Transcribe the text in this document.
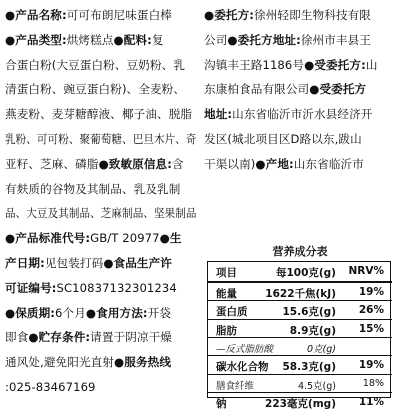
●产品名称:可可布朗尼味蛋白棒
●产品类型:烘烤糕点●配料:复
合蛋白粉(大豆蛋白粉、豆奶粉、乳
清蛋白粉、豌豆蛋白粉)、全麦粉、
燕麦粉、麦芽糖醇液、椰子油、脱脂
乳粉、可可粉、聚葡萄糖、巴旦木片、奇
亚籽、芝麻、磷脂●致敏原信息:含
有麸质的谷物及其制品、乳及乳制
品、大豆及其制品、芝麻制品、坚果制品
●产品标准代号:GB/T 20977●生
产日期:见包装打码●食品生产许
可证编号:SC10837132301234
●保质期:6个月●食用方法:开袋
即食●贮存条件:请置于阴凉干燥
通风处,避免阳光直射●服务热线
:025-83467169
●委托方:徐州轻即生物科技有限
公司●委托方地址:徐州市丰县王
沟镇丰王路1186号●受委托方:山
东康柏食品有限公司●受委托方
地址:山东省临沂市沂水县经济开
发区(城北项目区D路以东,跋山
干渠以南)●产地:山东省临沂市
营养成分表
项目	每100克(g) NRV%
能量	1622千焦(kJ) 19%
蛋白质	15.6克(g) 26%
脂肪	8.9克(g) 15%
—反式脂肪酸	0克(g)
碳水化合物 58.3克(g) 19%
膳食纤维	4.5克(g)	18%
钠	223毫克(mg) 11%
